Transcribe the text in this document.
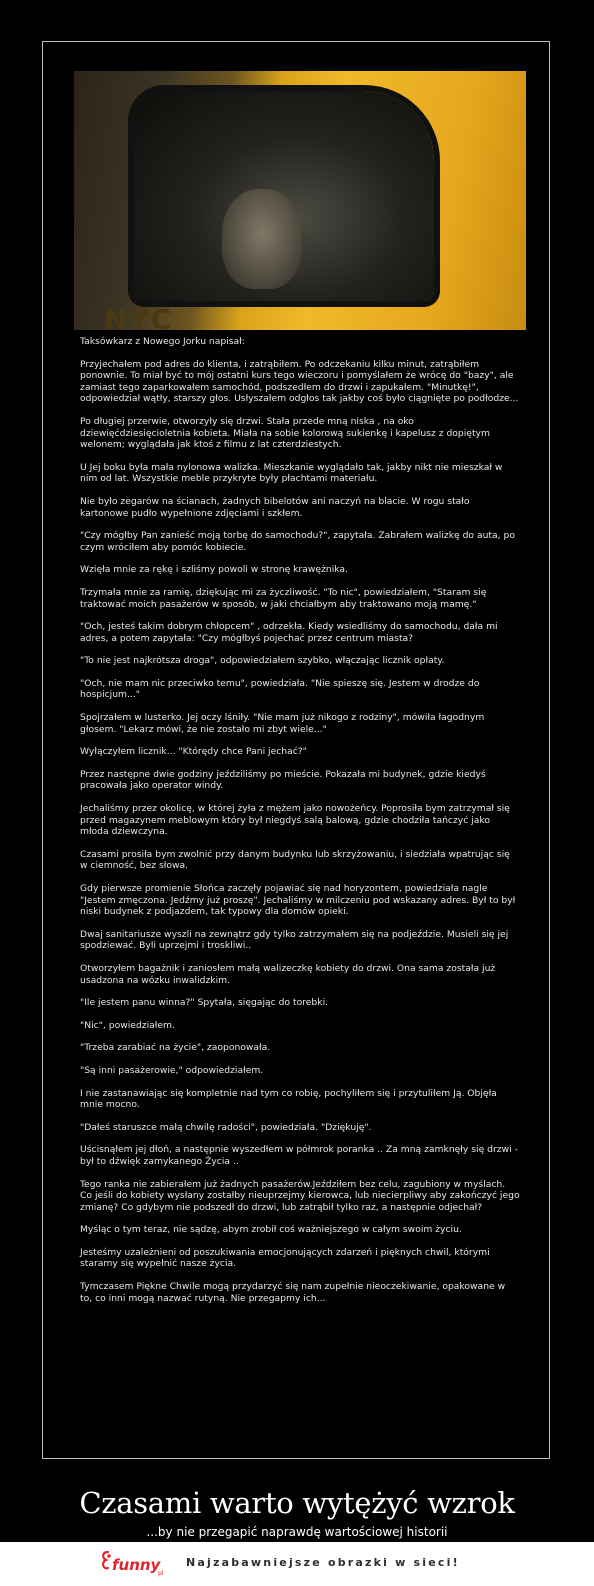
NYC

Taksówkarz z Nowego Jorku napisał:

Przyjechałem pod adres do klienta, i zatrąbiłem. Po odczekaniu kilku minut, zatrąbiłem ponownie. To miał być to mój ostatni kurs tego wieczoru i pomyślałem że wrócę do "bazy", ale zamiast tego zaparkowałem samochód, podszedłem do drzwi i zapukałem. "Minutkę!", odpowiedział wątły, starszy głos. Usłyszałem odgłos tak jakby coś było ciągnięte po podłodze...

Po długiej przerwie, otworzyły się drzwi. Stała przede mną niska , na oko dziewięćdziesięcioletnia kobieta. Miała na sobie kolorową sukienkę i kapelusz z dopiętym welonem; wyglądała jak ktoś z filmu z lat czterdziestych.

U Jej boku była mała nylonowa walizka. Mieszkanie wyglądało tak, jakby nikt nie mieszkał w nim od lat. Wszystkie meble przykryte były płachtami materiału.

Nie było zegarów na ścianach, żadnych bibelotów ani naczyń na blacie. W rogu stało kartonowe pudło wypełnione zdjęciami i szkłem.

"Czy mógłby Pan zanieść moją torbę do samochodu?", zapytała. Zabrałem walizkę do auta, po czym wróciłem aby pomóc kobiecie.

Wzięła mnie za rękę i szliśmy powoli w stronę krawężnika.

Trzymała mnie za ramię, dziękując mi za życzliwość. "To nic", powiedziałem, "Staram się traktować moich pasażerów w sposób, w jaki chciałbym aby traktowano moją mamę."

"Och, jesteś takim dobrym chłopcem" , odrzekła. Kiedy wsiedliśmy do samochodu, dała mi adres, a potem zapytała: "Czy mógłbyś pojechać przez centrum miasta?

"To nie jest najkrótsza droga", odpowiedziałem szybko, włączając licznik opłaty.

"Och, nie mam nic przeciwko temu", powiedziała. "Nie spieszę się. Jestem w drodze do hospicjum..."

Spojrzałem w lusterko. Jej oczy lśniły. "Nie mam już nikogo z rodziny", mówiła łagodnym głosem. "Lekarz mówi, że nie zostało mi zbyt wiele..."

Wyłączyłem licznik... "Którędy chce Pani jechać?"

Przez następne dwie godziny jeździliśmy po mieście. Pokazała mi budynek, gdzie kiedyś pracowała jako operator windy.

Jechaliśmy przez okolicę, w której żyła z mężem jako nowożeńcy. Poprosiła bym zatrzymał się przed magazynem meblowym który był niegdyś salą balową, gdzie chodziła tańczyć jako młoda dziewczyna.

Czasami prosiła bym zwolnić przy danym budynku lub skrzyżowaniu, i siedziała wpatrując się w ciemność, bez słowa.

Gdy pierwsze promienie Słońca zaczęły pojawiać się nad horyzontem, powiedziała nagle "Jestem zmęczona. Jedźmy już proszę". Jechaliśmy w milczeniu pod wskazany adres. Był to był niski budynek z podjazdem, tak typowy dla domów opieki.

Dwaj sanitariusze wyszli na zewnątrz gdy tylko zatrzymałem się na podjeździe. Musieli się jej spodziewać. Byli uprzejmi i troskliwi..

Otworzyłem bagażnik i zaniosłem małą walizeczkę kobiety do drzwi. Ona sama została już usadzona na wózku inwalidzkim.

"Ile jestem panu winna?" Spytała, sięgając do torebki.

"Nic", powiedziałem.

"Trzeba zarabiać na życie", zaoponowała.

"Są inni pasażerowie," odpowiedziałem.

I nie zastanawiając się kompletnie nad tym co robię, pochyliłem się i przytuliłem Ją. Objęła mnie mocno.

"Dałeś staruszce małą chwilę radości", powiedziała. "Dziękuję".

Uścisnąłem jej dłoń, a następnie wyszedłem w półmrok poranka .. Za mną zamknęły się drzwi - był to dźwięk zamykanego Życia ..

Tego ranka nie zabierałem już żadnych pasażerów.Jeździłem bez celu, zagubiony w myślach. Co jeśli do kobiety wysłany zostałby nieuprzejmy kierowca, lub niecierpliwy aby zakończyć jego zmianę? Co gdybym nie podszedł do drzwi, lub zatrąbił tylko raz, a następnie odjechał?

Myśląc o tym teraz, nie sądzę, abym zrobił coś ważniejszego w całym swoim życiu.

Jesteśmy uzależnieni od poszukiwania emocjonujących zdarzeń i pięknych chwil, którymi staramy się wypełnić nasze życia.

Tymczasem Piękne Chwile mogą przydarzyć się nam zupełnie nieoczekiwanie, opakowane w to, co inni mogą nazwać rutyną. Nie przegapmy ich...

Czasami warto wytężyć wzrok
...by nie przegapić naprawdę wartościowej historii
funny
pl
Najzabawniejsze obrazki w sieci!
